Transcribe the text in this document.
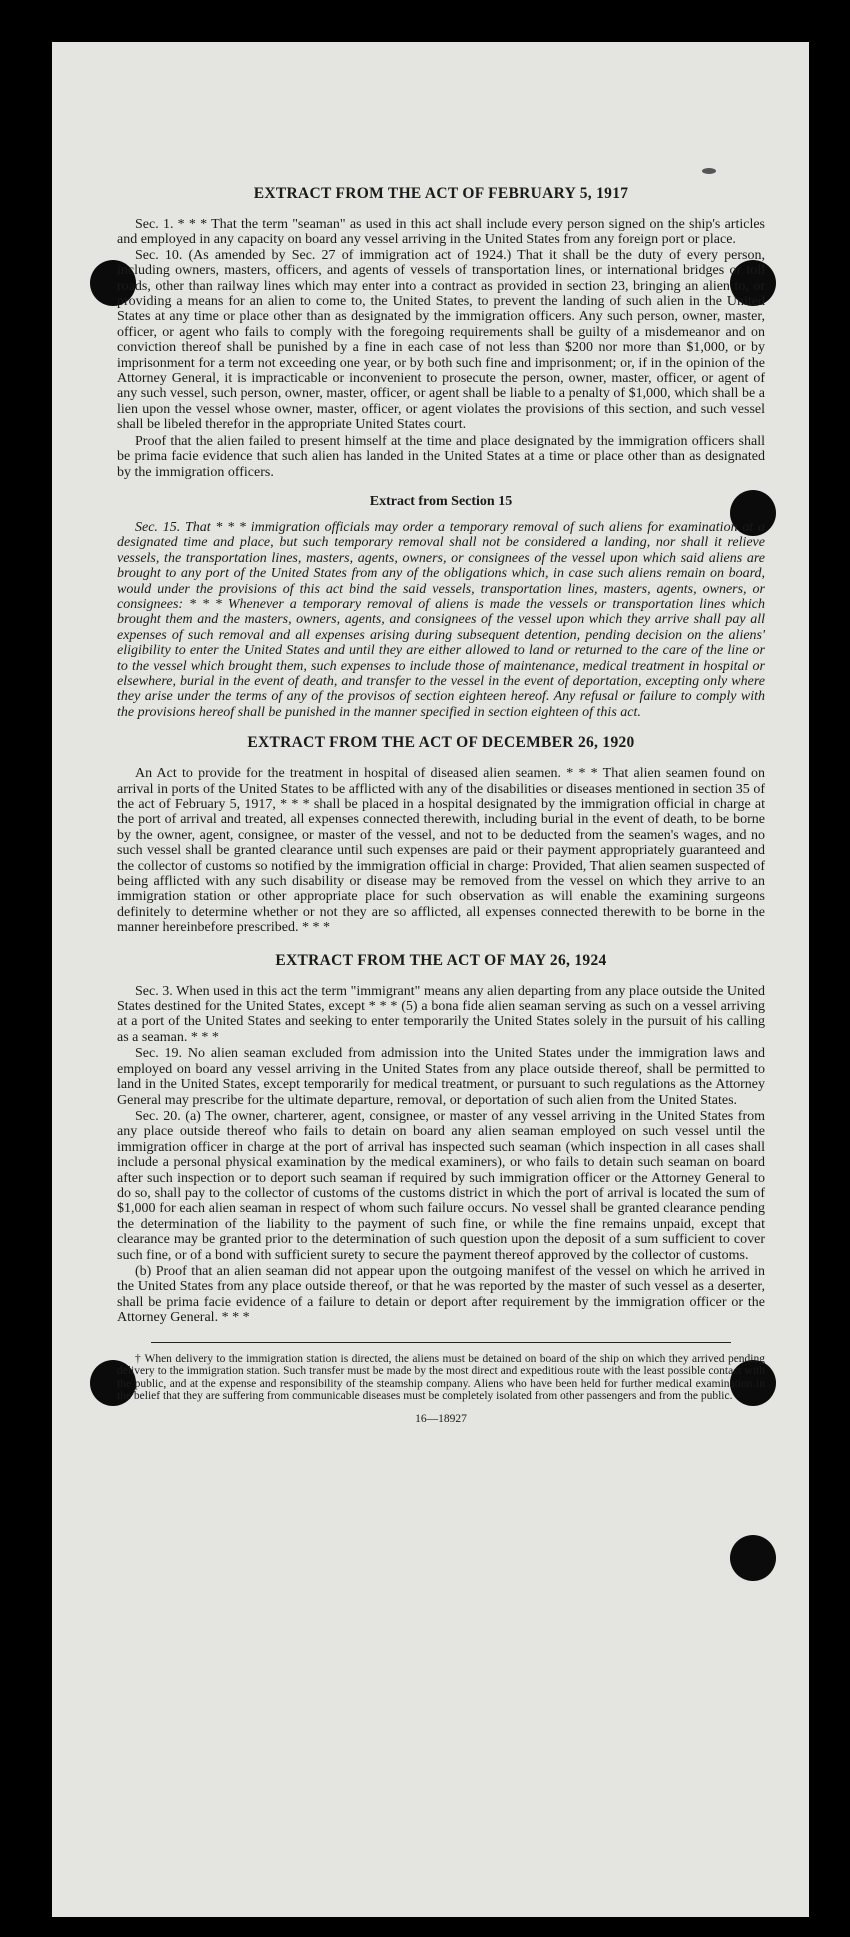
EXTRACT FROM THE ACT OF FEBRUARY 5, 1917

Sec. 1. * * * That the term "seaman" as used in this act shall include every person signed on the ship's articles and employed in any capacity on board any vessel arriving in the United States from any foreign port or place.

Sec. 10. (As amended by Sec. 27 of immigration act of 1924.) That it shall be the duty of every person, including owners, masters, officers, and agents of vessels of transportation lines, or international bridges or toll roads, other than railway lines which may enter into a contract as provided in section 23, bringing an alien to, or providing a means for an alien to come to, the United States, to prevent the landing of such alien in the United States at any time or place other than as designated by the immigration officers. Any such person, owner, master, officer, or agent who fails to comply with the foregoing requirements shall be guilty of a misdemeanor and on conviction thereof shall be punished by a fine in each case of not less than $200 nor more than $1,000, or by imprisonment for a term not exceeding one year, or by both such fine and imprisonment; or, if in the opinion of the Attorney General, it is impracticable or inconvenient to prosecute the person, owner, master, officer, or agent of any such vessel, such person, owner, master, officer, or agent shall be liable to a penalty of $1,000, which shall be a lien upon the vessel whose owner, master, officer, or agent violates the provisions of this section, and such vessel shall be libeled therefor in the appropriate United States court.

Proof that the alien failed to present himself at the time and place designated by the immigration officers shall be prima facie evidence that such alien has landed in the United States at a time or place other than as designated by the immigration officers.

Extract from Section 15

Sec. 15. That * * * immigration officials may order a temporary removal of such aliens for examination at a designated time and place, but such temporary removal shall not be considered a landing, nor shall it relieve vessels, the transportation lines, masters, agents, owners, or consignees of the vessel upon which said aliens are brought to any port of the United States from any of the obligations which, in case such aliens remain on board, would under the provisions of this act bind the said vessels, transportation lines, masters, agents, owners, or consignees: * * * Whenever a temporary removal of aliens is made the vessels or transportation lines which brought them and the masters, owners, agents, and consignees of the vessel upon which they arrive shall pay all expenses of such removal and all expenses arising during subsequent detention, pending decision on the aliens' eligibility to enter the United States and until they are either allowed to land or returned to the care of the line or to the vessel which brought them, such expenses to include those of maintenance, medical treatment in hospital or elsewhere, burial in the event of death, and transfer to the vessel in the event of deportation, excepting only where they arise under the terms of any of the provisos of section eighteen hereof. Any refusal or failure to comply with the provisions hereof shall be punished in the manner specified in section eighteen of this act.

EXTRACT FROM THE ACT OF DECEMBER 26, 1920

An Act to provide for the treatment in hospital of diseased alien seamen. * * * That alien seamen found on arrival in ports of the United States to be afflicted with any of the disabilities or diseases mentioned in section 35 of the act of February 5, 1917, * * * shall be placed in a hospital designated by the immigration official in charge at the port of arrival and treated, all expenses connected therewith, including burial in the event of death, to be borne by the owner, agent, consignee, or master of the vessel, and not to be deducted from the seamen's wages, and no such vessel shall be granted clearance until such expenses are paid or their payment appropriately guaranteed and the collector of customs so notified by the immigration official in charge: Provided, That alien seamen suspected of being afflicted with any such disability or disease may be removed from the vessel on which they arrive to an immigration station or other appropriate place for such observation as will enable the examining surgeons definitely to determine whether or not they are so afflicted, all expenses connected therewith to be borne in the manner hereinbefore prescribed. * * *

EXTRACT FROM THE ACT OF MAY 26, 1924

Sec. 3. When used in this act the term "immigrant" means any alien departing from any place outside the United States destined for the United States, except * * * (5) a bona fide alien seaman serving as such on a vessel arriving at a port of the United States and seeking to enter temporarily the United States solely in the pursuit of his calling as a seaman. * * *

Sec. 19. No alien seaman excluded from admission into the United States under the immigration laws and employed on board any vessel arriving in the United States from any place outside thereof, shall be permitted to land in the United States, except temporarily for medical treatment, or pursuant to such regulations as the Attorney General may prescribe for the ultimate departure, removal, or deportation of such alien from the United States.

Sec. 20. (a) The owner, charterer, agent, consignee, or master of any vessel arriving in the United States from any place outside thereof who fails to detain on board any alien seaman employed on such vessel until the immigration officer in charge at the port of arrival has inspected such seaman (which inspection in all cases shall include a personal physical examination by the medical examiners), or who fails to detain such seaman on board after such inspection or to deport such seaman if required by such immigration officer or the Attorney General to do so, shall pay to the collector of customs of the customs district in which the port of arrival is located the sum of $1,000 for each alien seaman in respect of whom such failure occurs. No vessel shall be granted clearance pending the determination of the liability to the payment of such fine, or while the fine remains unpaid, except that clearance may be granted prior to the determination of such question upon the deposit of a sum sufficient to cover such fine, or of a bond with sufficient surety to secure the payment thereof approved by the collector of customs.

(b) Proof that an alien seaman did not appear upon the outgoing manifest of the vessel on which he arrived in the United States from any place outside thereof, or that he was reported by the master of such vessel as a deserter, shall be prima facie evidence of a failure to detain or deport after requirement by the immigration officer or the Attorney General. * * *

† When delivery to the immigration station is directed, the aliens must be detained on board of the ship on which they arrived pending delivery to the immigration station. Such transfer must be made by the most direct and expeditious route with the least possible contact with the public, and at the expense and responsibility of the steamship company. Aliens who have been held for further medical examination in the belief that they are suffering from communicable diseases must be completely isolated from other passengers and from the public.

16—18927
